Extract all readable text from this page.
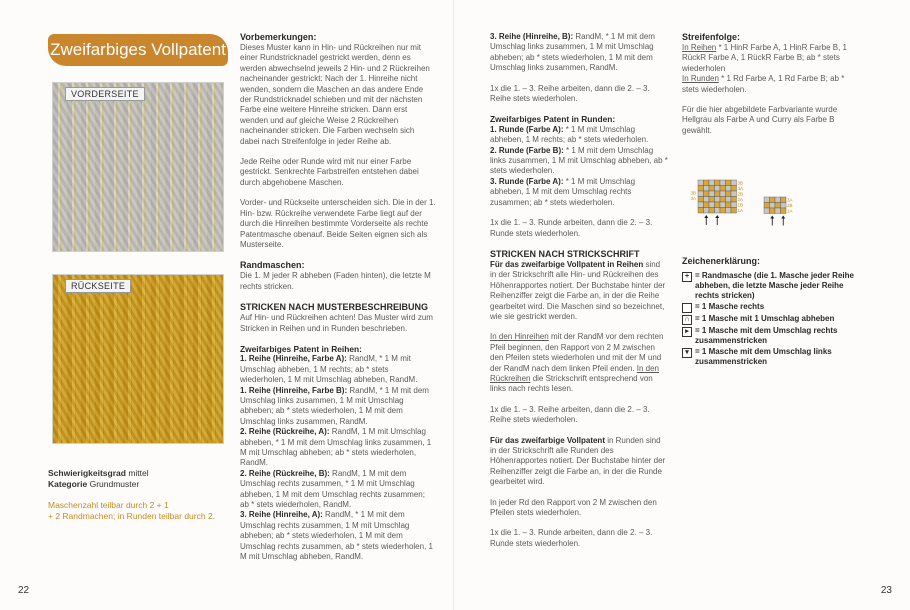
Zweifarbiges Vollpatent
VORDERSEITE
RÜCKSEITE
Schwierigkeitsgrad mittel
Kategorie Grundmuster
Maschenzahl teilbar durch 2 + 1
+ 2 Randmachen; in Runden teilbar durch 2.
Vorbemerkungen:

Dieses Muster kann in Hin- und Rückreihen nur mit einer Rundstricknadel gestrickt werden, denn es werden abwechselnd jeweils 2 Hin- und 2 Rückreihen nacheinander gestrickt: Nach der 1. Hinreihe nicht wenden, sondern die Maschen an das andere Ende der Rundstricknadel schieben und mit der nächsten Farbe eine weitere Hinreihe stricken. Dann erst wenden und auf gleiche Weise 2 Rückreihen nacheinander stricken. Die Farben wechseln sich dabei nach Streifenfolge in jeder Reihe ab.

Jede Reihe oder Runde wird mit nur einer Farbe gestrickt. Senkrechte Farbstreifen entstehen dabei durch abgehobene Maschen.

Vorder- und Rückseite unterscheiden sich. Die in der 1. Hin- bzw. Rückreihe verwendete Farbe liegt auf der durch die Hinreihen bestimmte Vorderseite als rechte Patentmasche obenauf. Beide Seiten eignen sich als Musterseite.

Randmaschen:

Die 1. M jeder R abheben (Faden hinten), die letzte M rechts stricken.

STRICKEN NACH MUSTERBESCHREIBUNG

Auf Hin- und Rückreihen achten! Das Muster wird zum Stricken in Reihen und in Runden beschrieben.

Zweifarbiges Patent in Reihen:
1. Reihe (Hinreihe, Farbe A): RandM, * 1 M mit Umschlag abheben, 1 M rechts; ab * stets wiederholen, 1 M mit Umschlag abheben, RandM.
1. Reihe (Hinreihe, Farbe B): RandM, * 1 M mit dem Umschlag links zusammen, 1 M mit Umschlag abheben; ab * stets wiederholen, 1 M mit dem Umschlag links zusammen, RandM.
2. Reihe (Rückreihe, A): RandM, 1 M mit Umschlag abheben, * 1 M mit dem Umschlag links zusammen, 1 M mit Umschlag abheben; ab * stets wiederholen, RandM.
2. Reihe (Rückreihe, B): RandM, 1 M mit dem Umschlag rechts zusammen, * 1 M mit Umschlag abheben, 1 M mit dem Umschlag rechts zusammen; ab * stets wiederholen, RandM.
3. Reihe (Hinreihe, A): RandM, * 1 M mit dem Umschlag rechts zusammen, 1 M mit Umschlag abheben; ab * stets wiederholen, 1 M mit dem Umschlag rechts zusammen, ab * stets wiederholen, 1 M mit Umschlag abheben, RandM.
22	23
3. Reihe (Hinreihe, B): RandM, * 1 M mit dem Umschlag links zusammen, 1 M mit Umschlag abheben; ab * stets wiederholen, 1 M mit dem Umschlag links zusammen, RandM.

1x die 1. – 3. Reihe arbeiten, dann die 2. – 3. Reihe stets wiederholen.

Zweifarbiges Patent in Runden:
1. Runde (Farbe A): * 1 M mit Umschlag abheben, 1 M rechts; ab * stets wiederholen.
2. Runde (Farbe B): * 1 M mit dem Umschlag links zusammen, 1 M mit Umschlag abheben, ab * stets wiederholen.
3. Runde (Farbe A): * 1 M mit Umschlag abheben, 1 M mit dem Umschlag rechts zusammen; ab * stets wiederholen.

1x die 1. – 3. Runde arbeiten, dann die 2. – 3. Runde stets wiederholen.

STRICKEN NACH STRICKSCHRIFT

Für das zweifarbige Vollpatent in Reihen sind in der Strickschrift alle Hin- und Rückreihen des Höhenrapportes notiert. Der Buchstabe hinter der Reihenziffer zeigt die Farbe an, in der die Reihe gearbeitet wird. Die Maschen sind so bezeichnet, wie sie gestrickt werden.

In den Hinreihen mit der RandM vor dem rechten Pfeil beginnen, den Rapport von 2 M zwischen den Pfeilen stets wiederholen und mit der M und der RandM nach dem linken Pfeil enden. In den Rückreihen die Strickschrift entsprechend von links nach rechts lesen.

1x die 1. – 3. Reihe arbeiten, dann die 2. – 3. Reihe stets wiederholen.

Für das zweifarbige Vollpatent in Runden sind in der Strickschrift alle Runden des Höhenrapportes notiert. Der Buchstabe hinter der Reihenziffer zeigt die Farbe an, in der die Runde gearbeitet wird.

In jeder Rd den Rapport von 2 M zwischen den Pfeilen stets wiederholen.

1x die 1. – 3. Runde arbeiten, dann die 2. – 3. Runde stets wiederholen.

Streifenfolge:
In Reihen * 1 HinR Farbe A, 1 HinR Farbe B, 1 RückR Farbe A, 1 RückR Farbe B; ab * stets wiederholen

In Runden * 1 Rd Farbe A, 1 Rd Farbe B; ab * stets wiederholen.

Für die hier abgebildete Farbvariante wurde Hellgrau als Farbe A und Curry als Farbe B gewählt.

3B
3A
2B
2A
1B
1A
3B
3A	3A
2B
1A
Zeichenerklärung:
+ = Randmasche (die 1. Masche jeder Reihe abheben, die letzte Masche jeder Reihe rechts stricken)
= 1 Masche rechts
∩ = 1 Masche mit 1 Umschlag abheben
▸ = 1 Masche mit dem Umschlag rechts zusammenstricken
▾ = 1 Masche mit dem Umschlag links zusammenstricken
